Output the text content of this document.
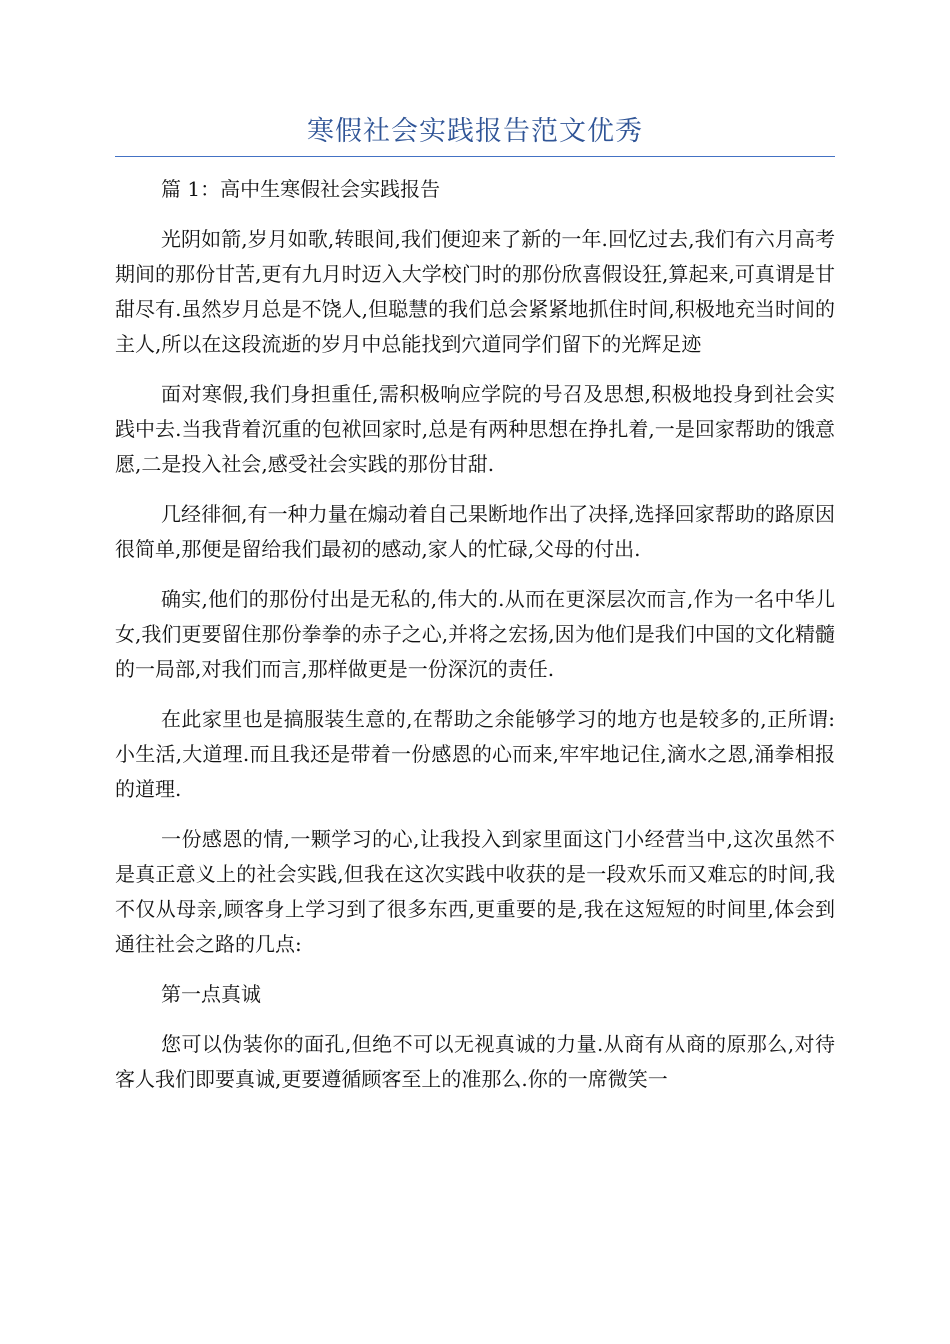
寒假社会实践报告范文优秀

篇 1：高中生寒假社会实践报告

光阴如箭,岁月如歌,转眼间,我们便迎来了新的一年.回忆过去,我们有六月高考期间的那份甘苦,更有九月时迈入大学校门时的那份欣喜假设狂,算起来,可真谓是甘甜尽有.虽然岁月总是不饶人,但聪慧的我们总会紧紧地抓住时间,积极地充当时间的主人,所以在这段流逝的岁月中总能找到穴道同学们留下的光辉足迹

面对寒假,我们身担重任,需积极响应学院的号召及思想,积极地投身到社会实践中去.当我背着沉重的包袱回家时,总是有两种思想在挣扎着,一是回家帮助的饿意愿,二是投入社会,感受社会实践的那份甘甜.

几经徘徊,有一种力量在煽动着自己果断地作出了决择,选择回家帮助的路原因很简单,那便是留给我们最初的感动,家人的忙碌,父母的付出.

确实,他们的那份付出是无私的,伟大的.从而在更深层次而言,作为一名中华儿女,我们更要留住那份拳拳的赤子之心,并将之宏扬,因为他们是我们中国的文化精髓的一局部,对我们而言,那样做更是一份深沉的责任.

在此家里也是搞服装生意的,在帮助之余能够学习的地方也是较多的,正所谓:小生活,大道理.而且我还是带着一份感恩的心而来,牢牢地记住,滴水之恩,涌拳相报的道理.

一份感恩的情,一颗学习的心,让我投入到家里面这门小经营当中,这次虽然不是真正意义上的社会实践,但我在这次实践中收获的是一段欢乐而又难忘的时间,我不仅从母亲,顾客身上学习到了很多东西,更重要的是,我在这短短的时间里,体会到通往社会之路的几点:

第一点真诚

您可以伪装你的面孔,但绝不可以无视真诚的力量.从商有从商的原那么,对待客人我们即要真诚,更要遵循顾客至上的准那么.你的一席微笑一
